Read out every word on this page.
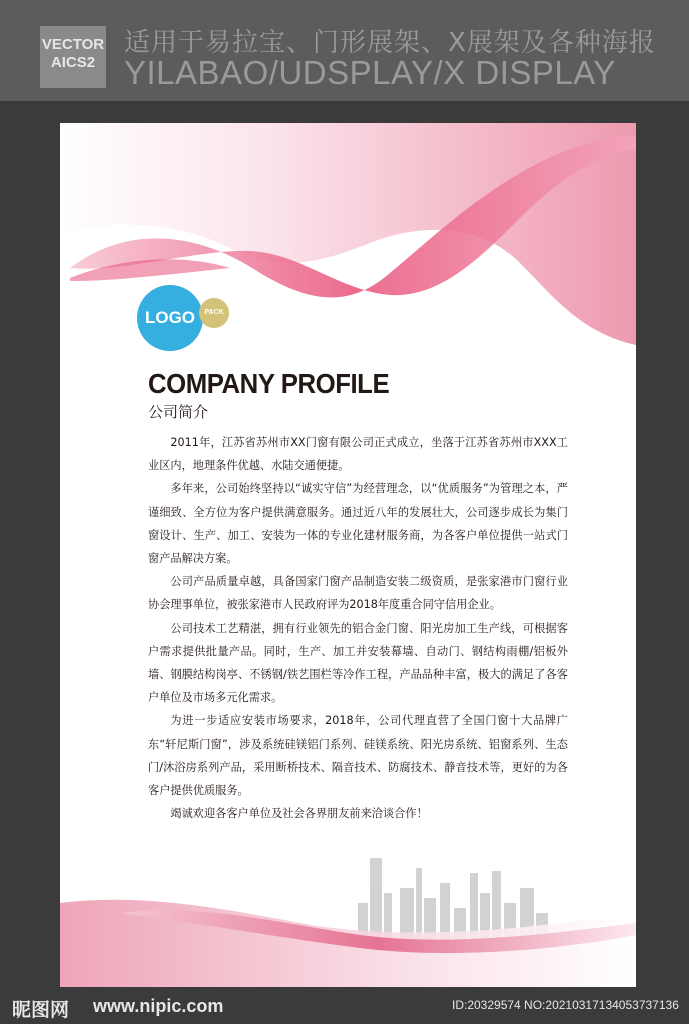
VECTOR
AICS2
适用于易拉宝、门形展架、X展架及各种海报
YILABAO/UDSPLAY/X DISPLAY
LOGO	PACK
COMPANY PROFILE
公司简介

2011年，江苏省苏州市XX门窗有限公司正式成立，坐落于江苏省苏州市XXX工业区内，地理条件优越、水陆交通便捷。

多年来，公司始终坚持以“诚实守信”为经营理念，以“优质服务”为管理之本，严谨细致、全方位为客户提供满意服务。通过近八年的发展壮大，公司逐步成长为集门窗设计、生产、加工、安装为一体的专业化建材服务商，为各客户单位提供一站式门窗产品解决方案。

公司产品质量卓越，具备国家门窗产品制造安装二级资质，是张家港市门窗行业协会理事单位，被张家港市人民政府评为2018年度重合同守信用企业。

公司技术工艺精湛，拥有行业领先的铝合金门窗、阳光房加工生产线，可根据客户需求提供批量产品。同时，生产、加工并安装幕墙、自动门、钢结构雨棚/铝板外墙、钢膜结构岗亭、不锈钢/铁艺围栏等冷作工程，产品品种丰富，极大的满足了各客户单位及市场多元化需求。

为进一步适应安装市场要求，2018年，公司代理直营了全国门窗十大品牌广东“轩尼斯门窗”，涉及系统硅镁铝门系列、硅镁系统、阳光房系统、铝窗系列、生态门/沐浴房系列产品，采用断桥技术、隔音技术、防腐技术、静音技术等，更好的为各客户提供优质服务。

竭诚欢迎各客户单位及社会各界朋友前来洽谈合作！

昵图网 www.nipic.com	ID:20329574 NO:20210317134053737136
